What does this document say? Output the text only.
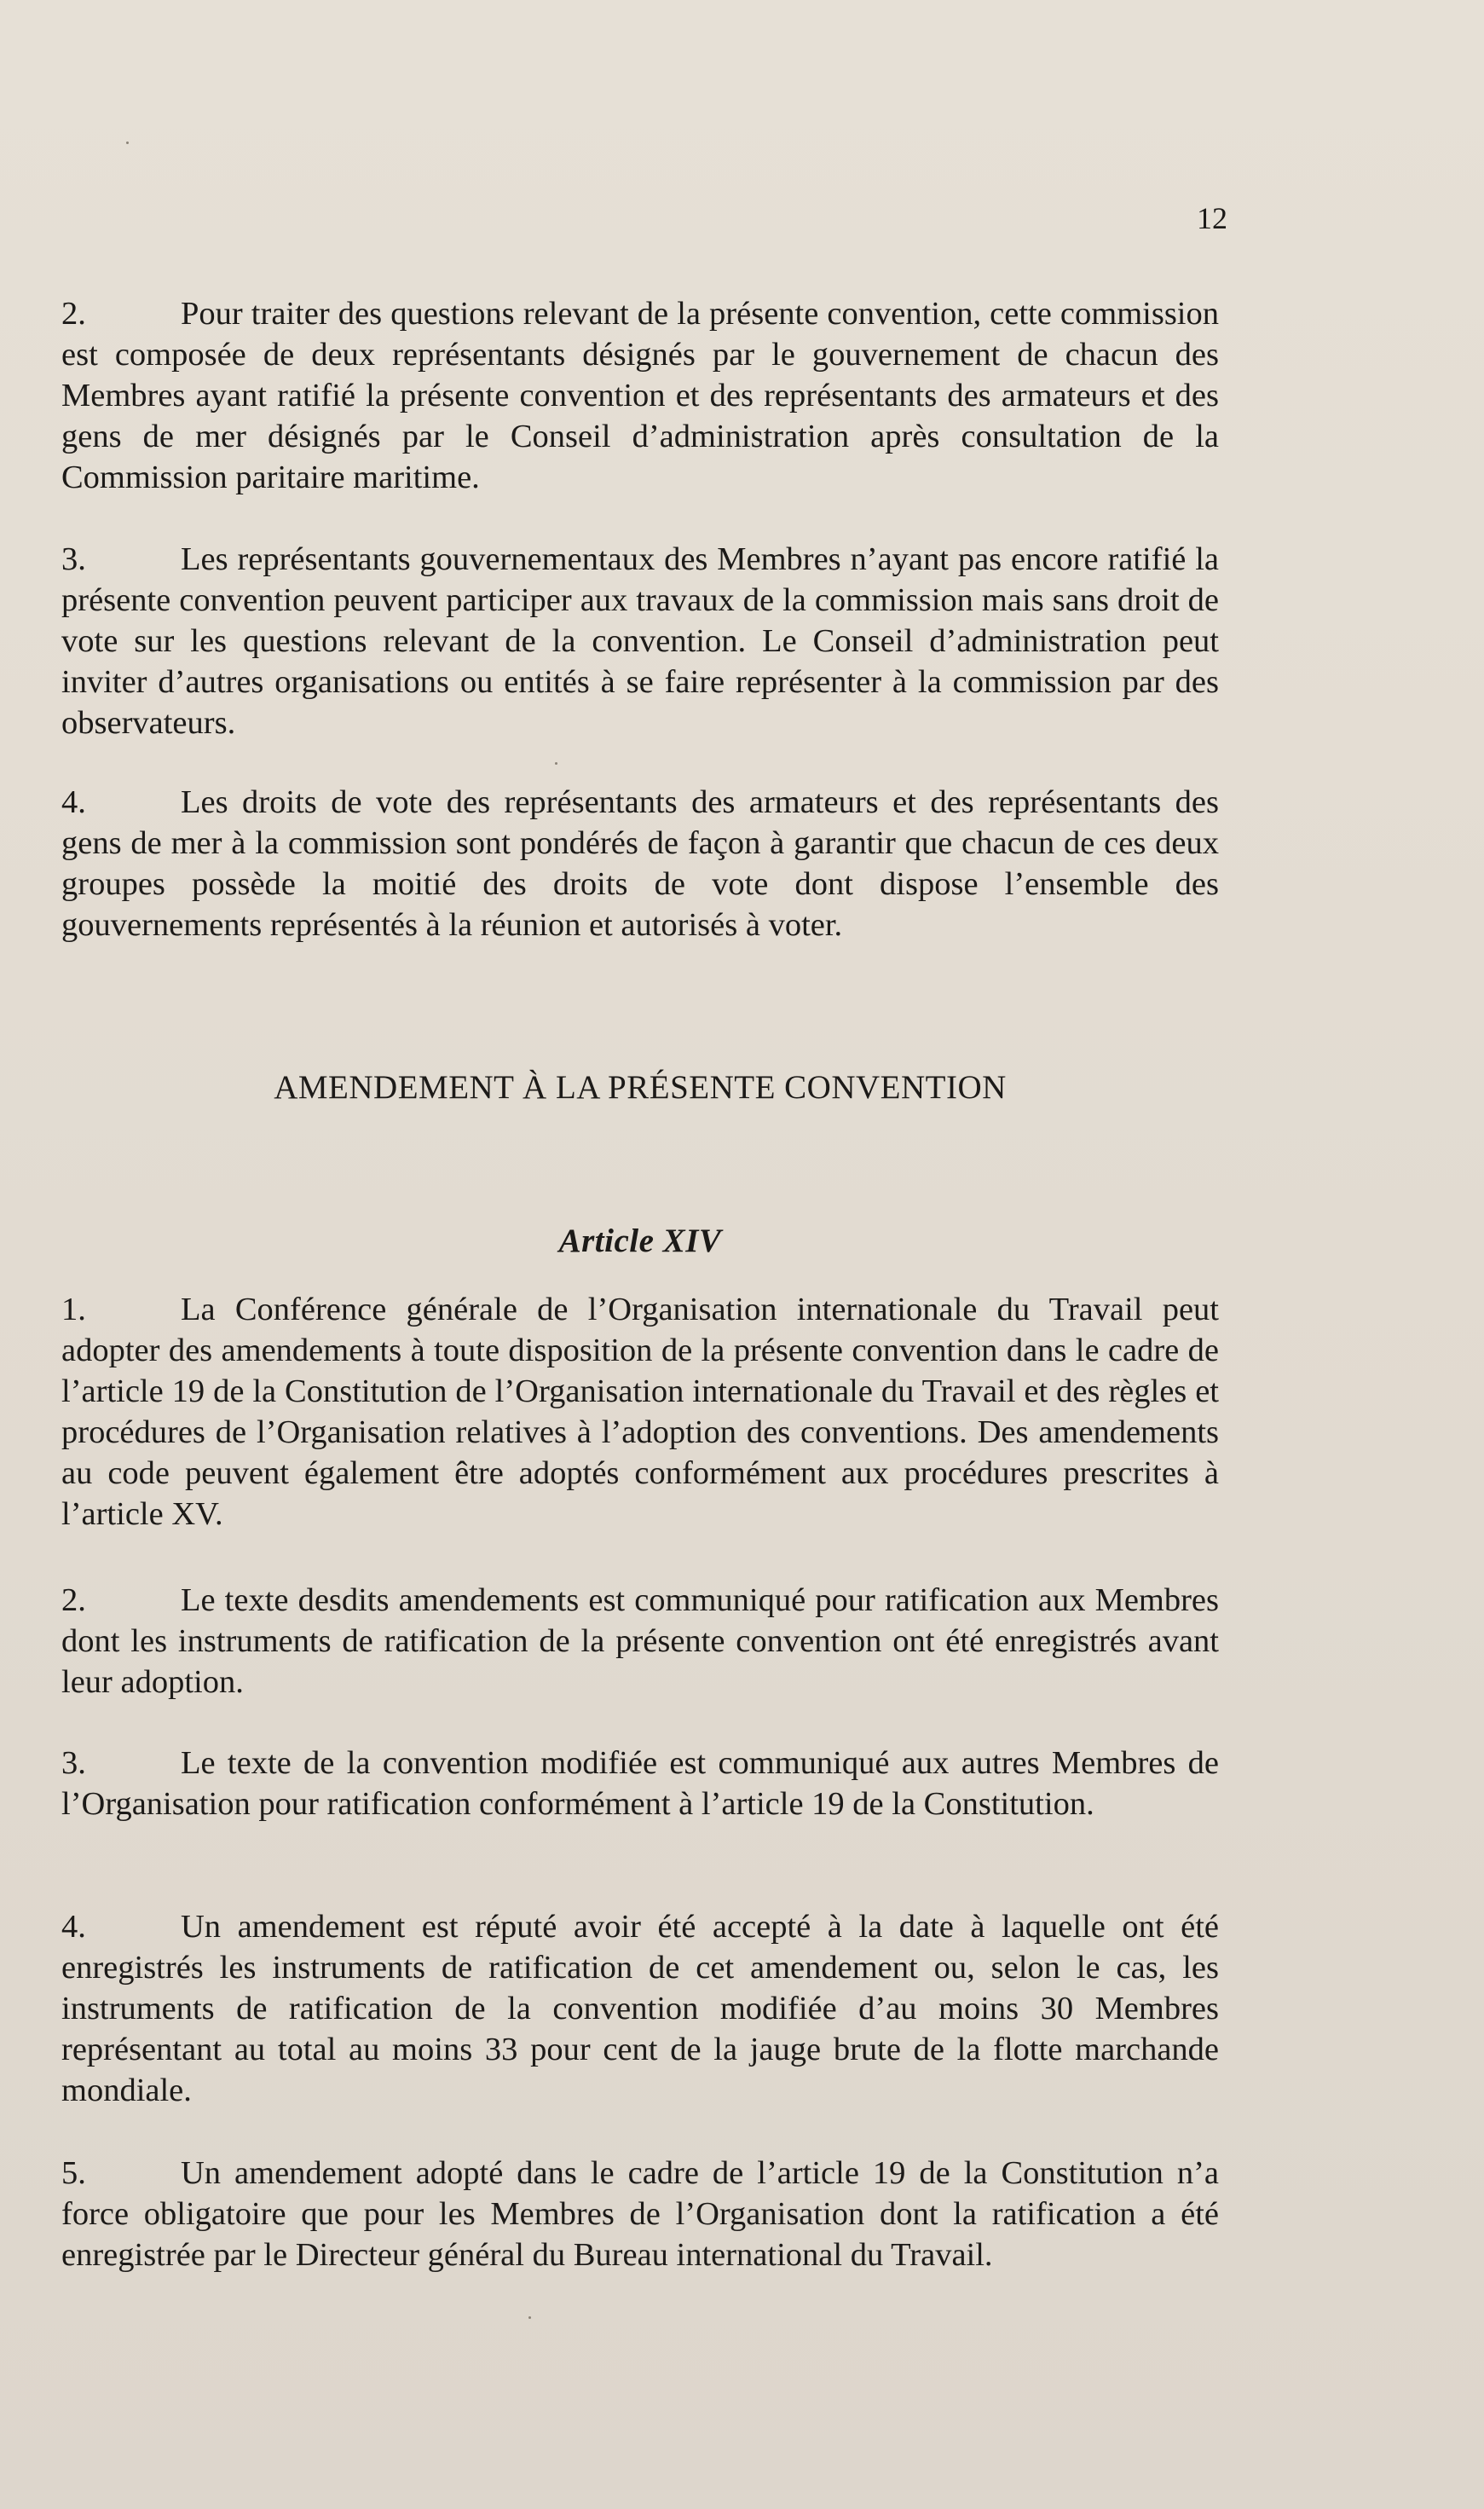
12

2.	Pour traiter des questions relevant de la présente convention, cette commission est composée de deux représentants désignés par le gouvernement de chacun des Membres ayant ratifié la présente convention et des représentants des armateurs et des gens de mer désignés par le Conseil d’administration après consultation de la Commission paritaire maritime.

3.	Les représentants gouvernementaux des Membres n’ayant pas encore ratifié la présente convention peuvent participer aux travaux de la commission mais sans droit de vote sur les questions relevant de la convention. Le Conseil d’administration peut inviter d’autres organisations ou entités à se faire représenter à la commission par des observateurs.

4.	Les droits de vote des représentants des armateurs et des représentants des gens de mer à la commission sont pondérés de façon à garantir que chacun de ces deux groupes possède la moitié des droits de vote dont dispose l’ensemble des gouvernements représentés à la réunion et autorisés à voter.

AMENDEMENT À LA PRÉSENTE CONVENTION
Article XIV

1.	La Conférence générale de l’Organisation internationale du Travail peut adopter des amendements à toute disposition de la présente convention dans le cadre de l’article 19 de la Constitution de l’Organisation internationale du Travail et des règles et procédures de l’Organisation relatives à l’adoption des conventions. Des amendements au code peuvent également être adoptés conformément aux procédures prescrites à l’article XV.

2.	Le texte desdits amendements est communiqué pour ratification aux Membres dont les instruments de ratification de la présente convention ont été enregistrés avant leur adoption.

3.	Le texte de la convention modifiée est communiqué aux autres Membres de l’Organisation pour ratification conformément à l’article 19 de la Constitution.

4.	Un amendement est réputé avoir été accepté à la date à laquelle ont été enregistrés les instruments de ratification de cet amendement ou, selon le cas, les instruments de ratification de la convention modifiée d’au moins 30 Membres représentant au total au moins 33 pour cent de la jauge brute de la flotte marchande mondiale.

5.	Un amendement adopté dans le cadre de l’article 19 de la Constitution n’a force obligatoire que pour les Membres de l’Organisation dont la ratification a été enregistrée par le Directeur général du Bureau international du Travail.
